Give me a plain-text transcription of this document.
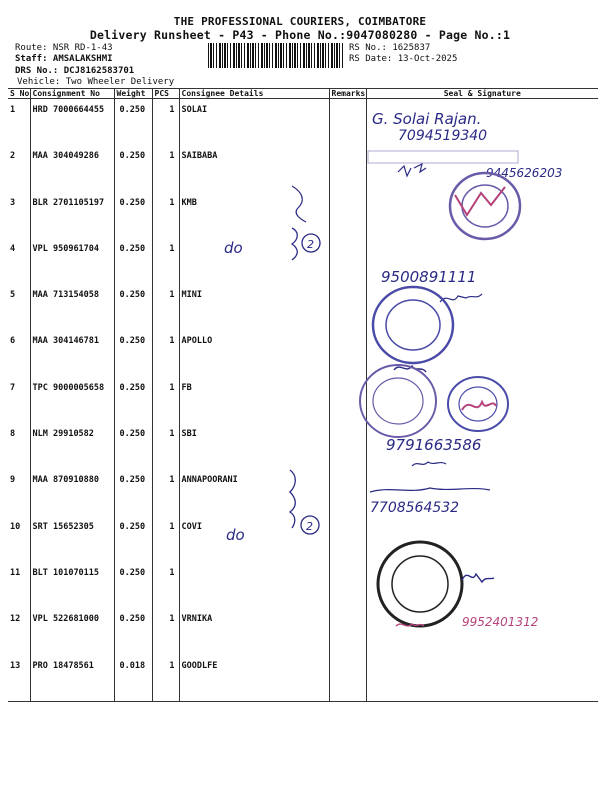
THE PROFESSIONAL COURIERS, COIMBATORE
Delivery Runsheet - P43 - Phone No.:9047080280 - Page No.:1
Route: NSR RD-1-43
Staff: AMSALAKSHMI
DRS No.: DCJ8162583701
Vehicle: Two Wheeler Delivery
RS No.: 1625837
RS Date: 13-Oct-2025
S No	Consignment No	Weight	PCS	Consignee Details	Remarks	Seal & Signature
1	HRD 7000664455	0.250	1	SOLAI		
2	MAA 304049286	0.250	1	SAIBABA		
3	BLR 2701105197	0.250	1	KMB		
4	VPL 950961704	0.250	1			
5	MAA 713154058	0.250	1	MINI		
6	MAA 304146781	0.250	1	APOLLO		
7	TPC 9000005658	0.250	1	FB		
8	NLM 29910582	0.250	1	SBI		
9	MAA 870910880	0.250	1	ANNAPOORANI		
10	SRT 15652305	0.250	1	COVI		
11	BLT 101070115	0.250	1			
12	VPL 522681000	0.250	1	VRNIKA		
13	PRO 18478561	0.018	1	GOODLFE		
G. Solai Rajan.
7094519340
9445626203
do	2
9500891111
9791663586
7708564532
do	2
9952401312
